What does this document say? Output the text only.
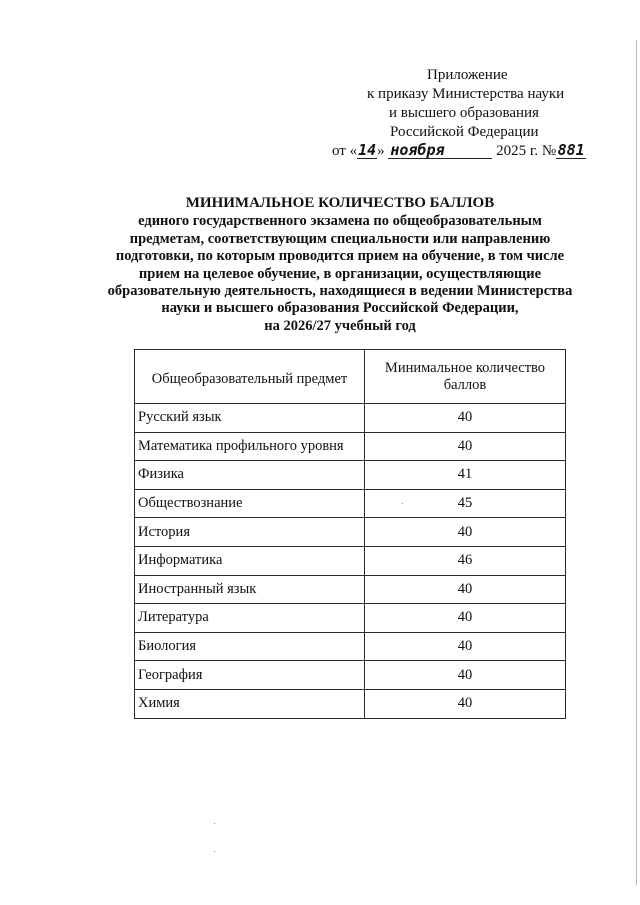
Приложение
к приказу Министерства науки
и высшего образования
Российской Федерации
от «14» ноября	2025 г. №881
МИНИМАЛЬНОЕ КОЛИЧЕСТВО БАЛЛОВ
единого государственного экзамена по общеобразовательным
предметам, соответствующим специальности или направлению
подготовки, по которым проводится прием на обучение, в том числе
прием на целевое обучение, в организации, осуществляющие
образовательную деятельность, находящиеся в ведении Министерства
науки и высшего образования Российской Федерации,
на 2026/27 учебный год
Общеобразовательный предмет	Минимальное количество баллов
Русский язык	40
Математика профильного уровня	40
Физика	41
Обществознание	45
История	40
Информатика	46
Иностранный язык	40
Литература	40
Биология	40
География	40
Химия	40
